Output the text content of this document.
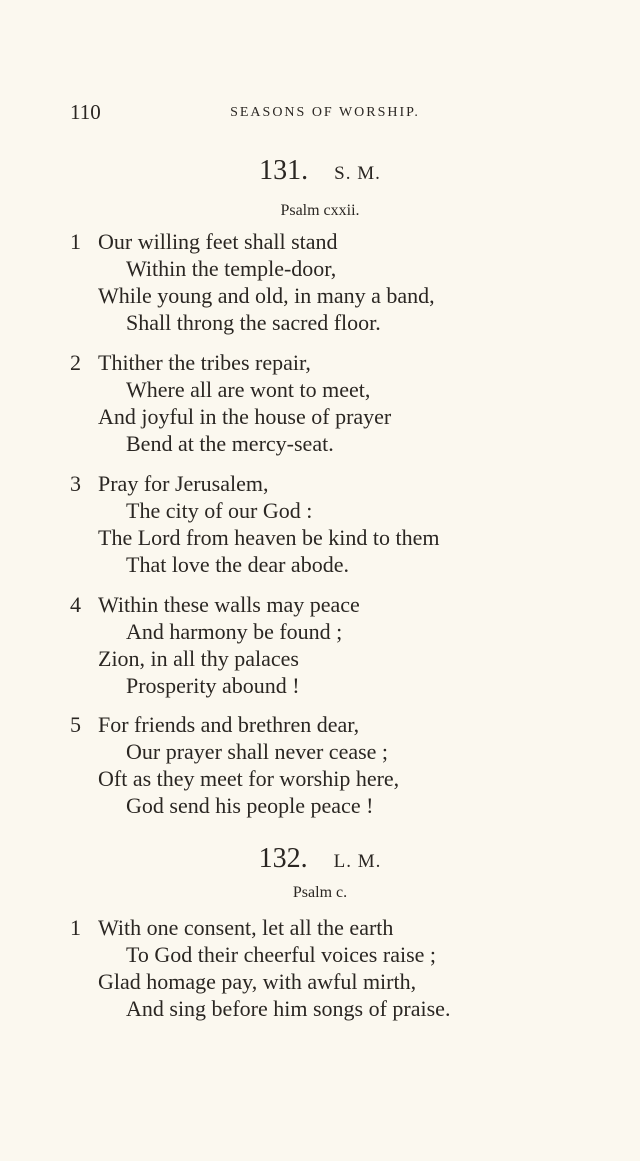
110	SEASONS OF WORSHIP.
131. S. M.
Psalm cxxii.
1 Our willing feet shall stand
Within the temple-door,
While young and old, in many a band,
Shall throng the sacred floor.
2 Thither the tribes repair,
Where all are wont to meet,
And joyful in the house of prayer
Bend at the mercy-seat.
3 Pray for Jerusalem,
The city of our God :
The Lord from heaven be kind to them
That love the dear abode.
4 Within these walls may peace
And harmony be found ;
Zion, in all thy palaces
Prosperity abound !
5 For friends and brethren dear,
Our prayer shall never cease ;
Oft as they meet for worship here,
God send his people peace !
132. L. M.
Psalm c.
1 With one consent, let all the earth
To God their cheerful voices raise ;
Glad homage pay, with awful mirth,
And sing before him songs of praise.
